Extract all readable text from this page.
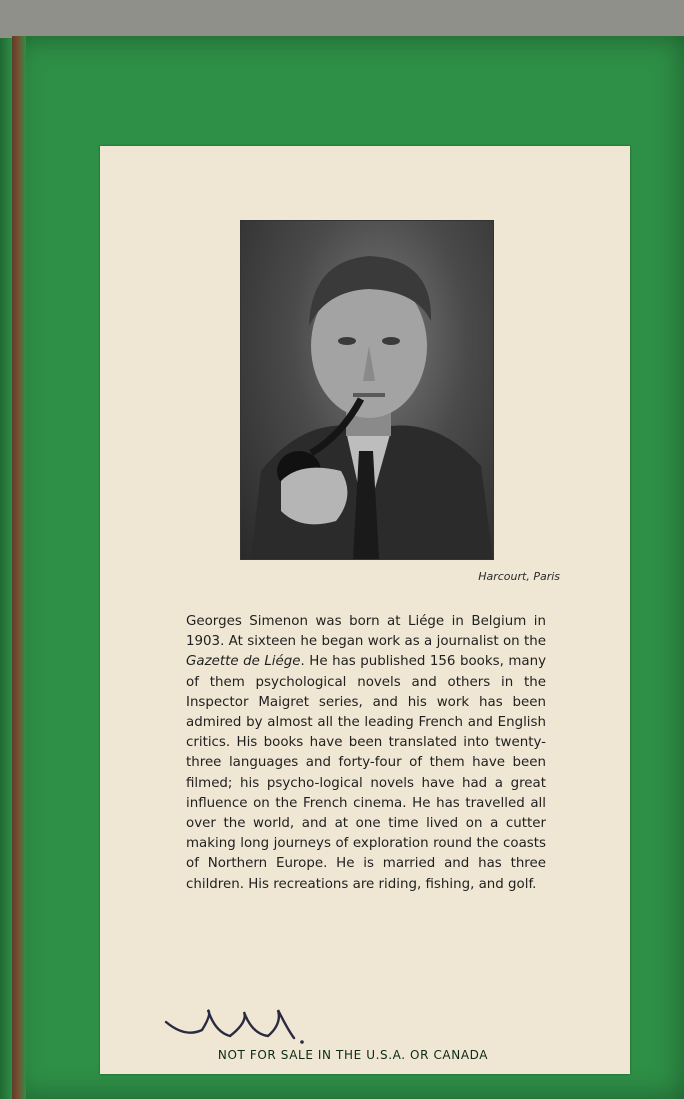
Harcourt, Paris

Georges Simenon was born at Liége in Belgium in 1903. At sixteen he began work as a journalist on the Gazette de Liége. He has published 156 books, many of them psychological novels and others in the Inspector Maigret series, and his work has been admired by almost all the leading French and English critics. His books have been translated into twenty-three languages and forty-four of them have been filmed; his psycho-logical novels have had a great influence on the French cinema. He has travelled all over the world, and at one time lived on a cutter making long journeys of exploration round the coasts of Northern Europe. He is married and has three children. His recreations are riding, fishing, and golf.

NOT FOR SALE IN THE U.S.A. OR CANADA
